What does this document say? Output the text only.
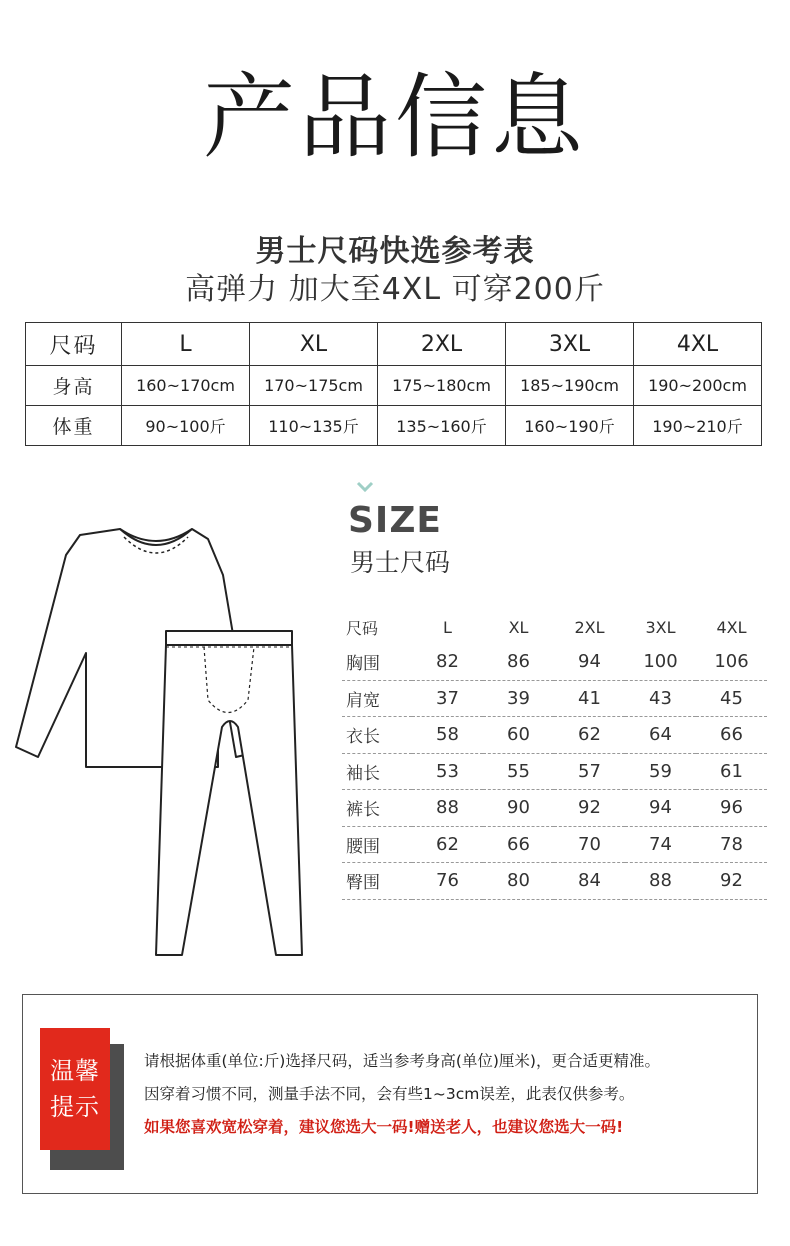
产品信息
男士尺码快选参考表
高弹力 加大至4XL 可穿200斤
尺码	L	XL	2XL	3XL	4XL
身高	160~170cm	170~175cm	175~180cm	185~190cm	190~200cm
体重	90~100斤	110~135斤	135~160斤	160~190斤	190~210斤
SIZE
男士尺码
尺码	L	XL	2XL	3XL	4XL
胸围	82	86	94	100	106
肩宽	37	39	41	43	45
衣长	58	60	62	64	66
袖长	53	55	57	59	61
裤长	88	90	92	94	96
腰围	62	66	70	74	78
臀围	76	80	84	88	92
温馨
提示
请根据体重(单位:斤)选择尺码，适当参考身高(单位)厘米)，更合适更精准。
因穿着习惯不同，测量手法不同，会有些1~3cm误差，此表仅供参考。
如果您喜欢宽松穿着，建议您选大一码!赠送老人，也建议您选大一码!
